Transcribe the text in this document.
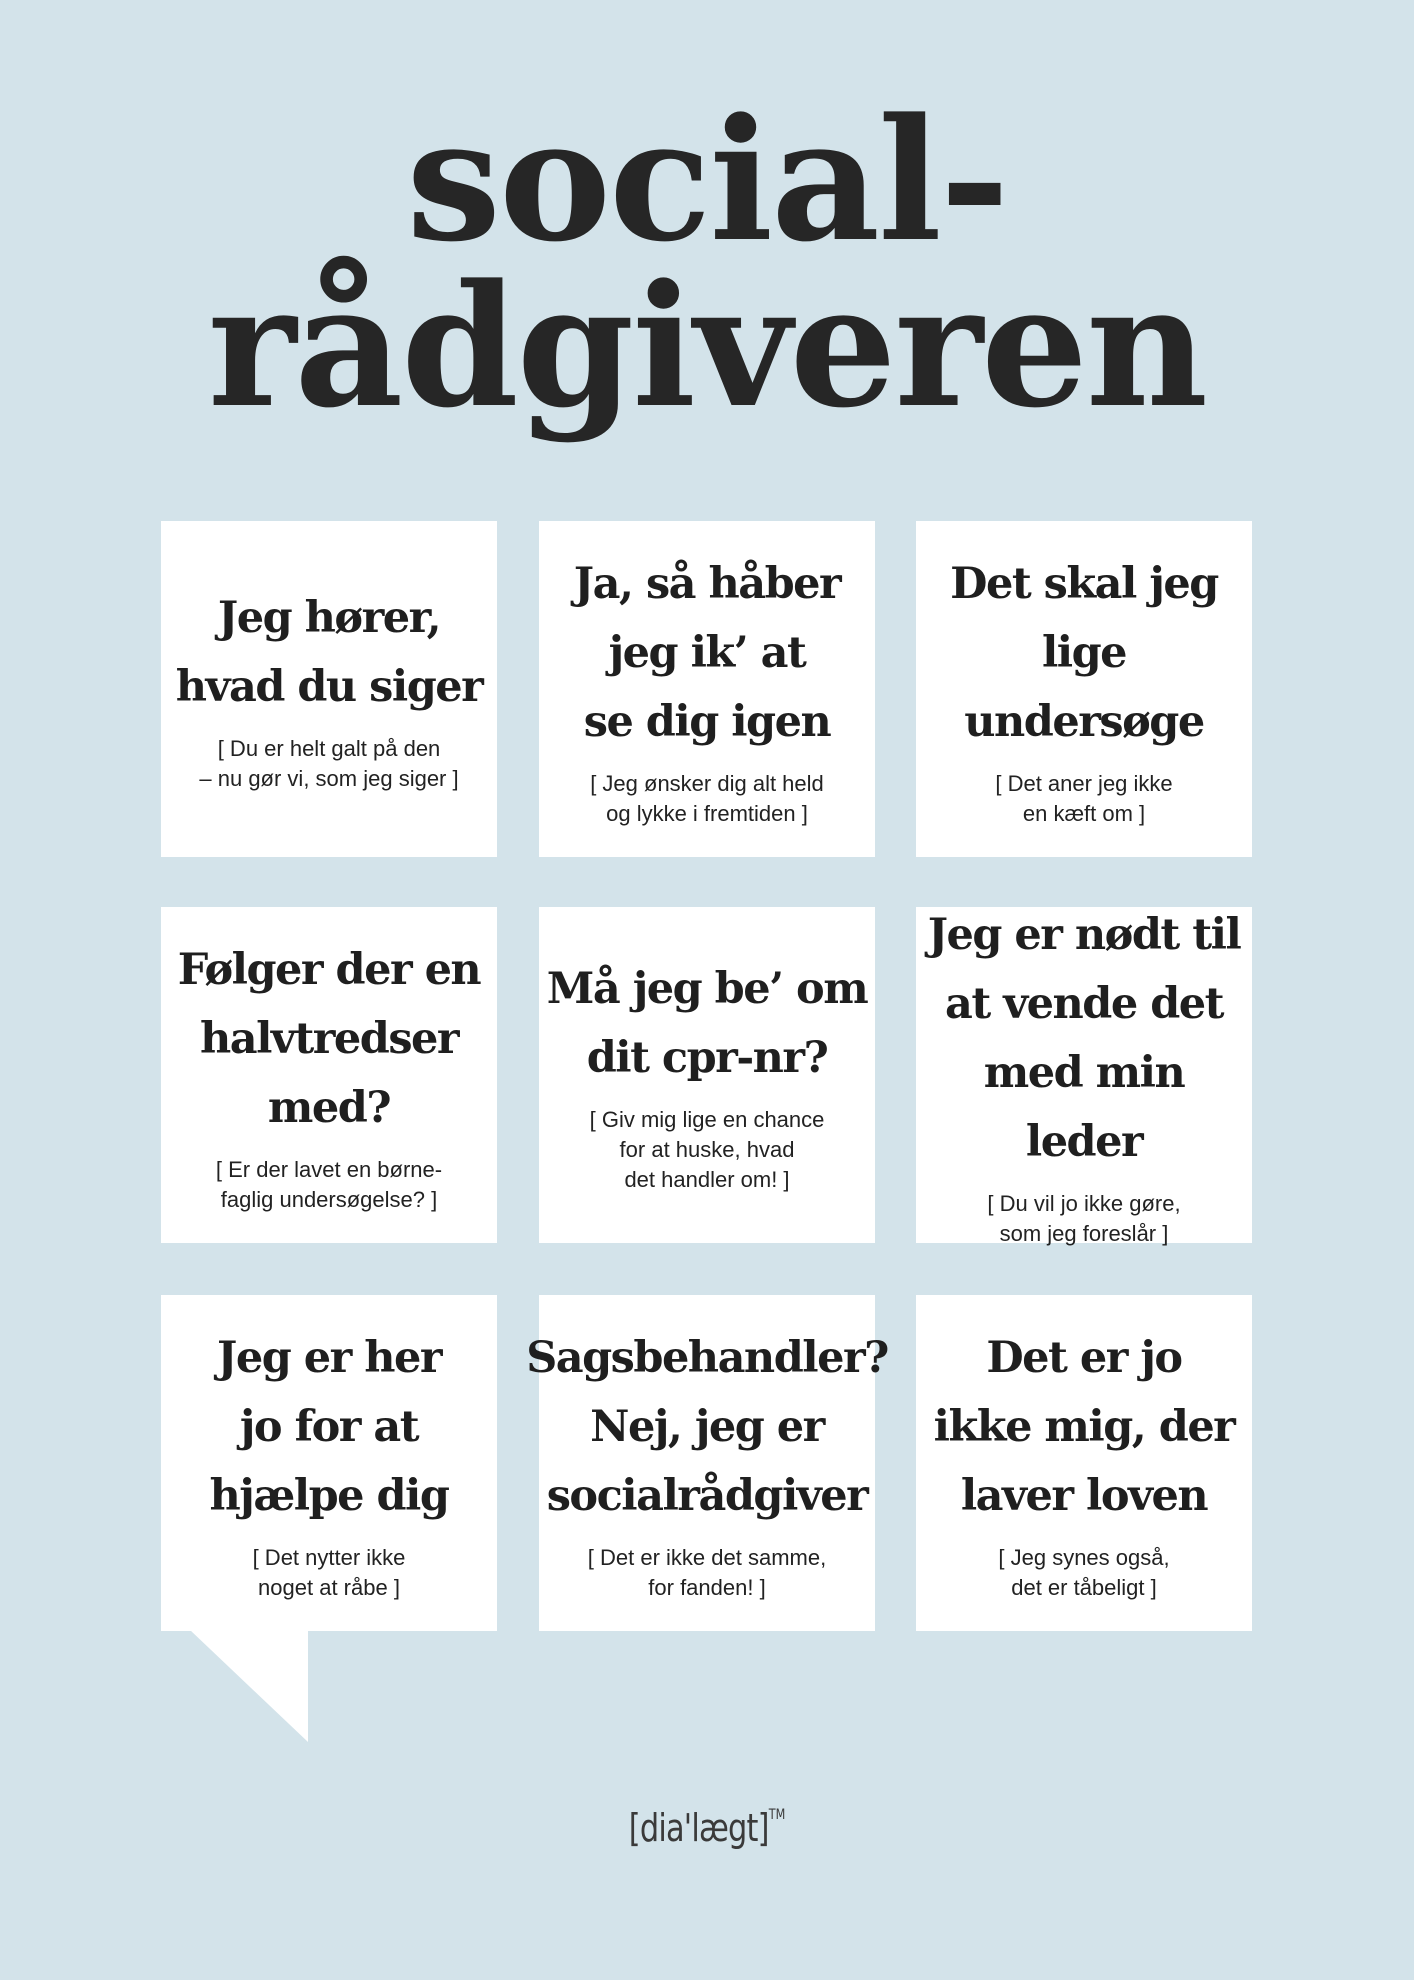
social-
rådgiveren

Jeg hører,
hvad du siger

[ Du er helt galt på den
– nu gør vi, som jeg siger ]

Ja, så håber
jeg ik’ at
se dig igen

[ Jeg ønsker dig alt held
og lykke i fremtiden ]

Det skal jeg
lige undersøge

[ Det aner jeg ikke
en kæft om ]

Følger der en
halvtredser
med?

[ Er der lavet en børne-
faglig undersøgelse? ]

Må jeg be’ om
dit cpr-nr?

[ Giv mig lige en chance
for at huske, hvad
det handler om! ]

Jeg er nødt til
at vende det
med min leder

[ Du vil jo ikke gøre,
som jeg foreslår ]

Jeg er her
jo for at
hjælpe dig

[ Det nytter ikke
noget at råbe ]

Sagsbehandler?
Nej, jeg er
socialrådgiver

[ Det er ikke det samme,
for fanden! ]

Det er jo
ikke mig, der
laver loven

[ Jeg synes også,
det er tåbeligt ]

[dia'lægt]™
